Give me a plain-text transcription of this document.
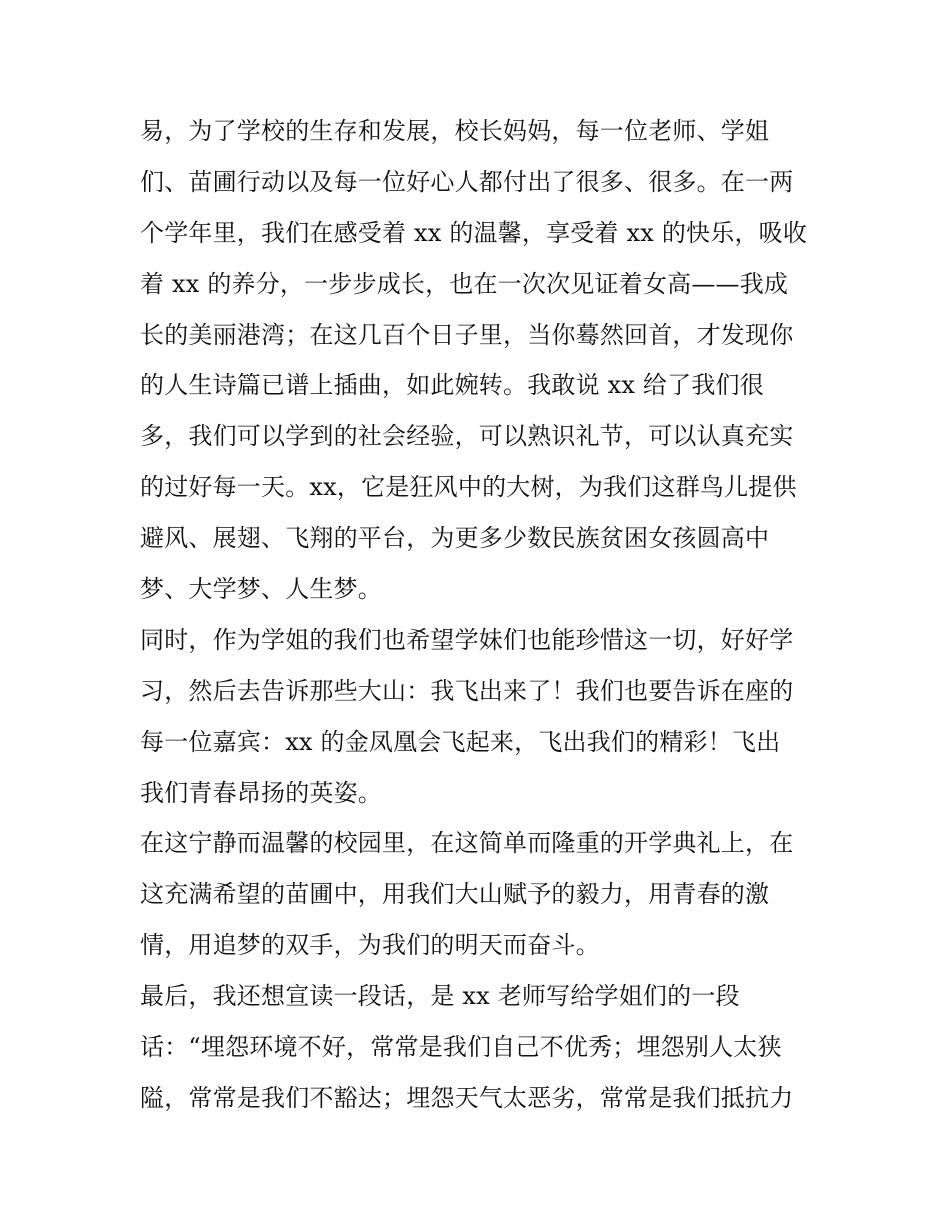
易，为了学校的生存和发展，校长妈妈，每一位老师、学姐
们、苗圃行动以及每一位好心人都付出了很多、很多。在一两
个学年里，我们在感受着 xx 的温馨，享受着 xx 的快乐，吸收
着 xx 的养分，一步步成长，也在一次次见证着女高——我成
长的美丽港湾；在这几百个日子里，当你蓦然回首，才发现你
的人生诗篇已谱上插曲，如此婉转。我敢说 xx 给了我们很
多，我们可以学到的社会经验，可以熟识礼节，可以认真充实
的过好每一天。xx，它是狂风中的大树，为我们这群鸟儿提供
避风、展翅、飞翔的平台，为更多少数民族贫困女孩圆高中
梦、大学梦、人生梦。
同时，作为学姐的我们也希望学妹们也能珍惜这一切，好好学
习，然后去告诉那些大山：我飞出来了！我们也要告诉在座的
每一位嘉宾：xx 的金凤凰会飞起来，飞出我们的精彩！飞出
我们青春昂扬的英姿。
在这宁静而温馨的校园里，在这简单而隆重的开学典礼上，在
这充满希望的苗圃中，用我们大山赋予的毅力，用青春的激
情，用追梦的双手，为我们的明天而奋斗。
最后，我还想宣读一段话，是 xx 老师写给学姐们的一段
话：“埋怨环境不好，常常是我们自己不优秀；埋怨别人太狭
隘，常常是我们不豁达；埋怨天气太恶劣，常常是我们抵抗力
